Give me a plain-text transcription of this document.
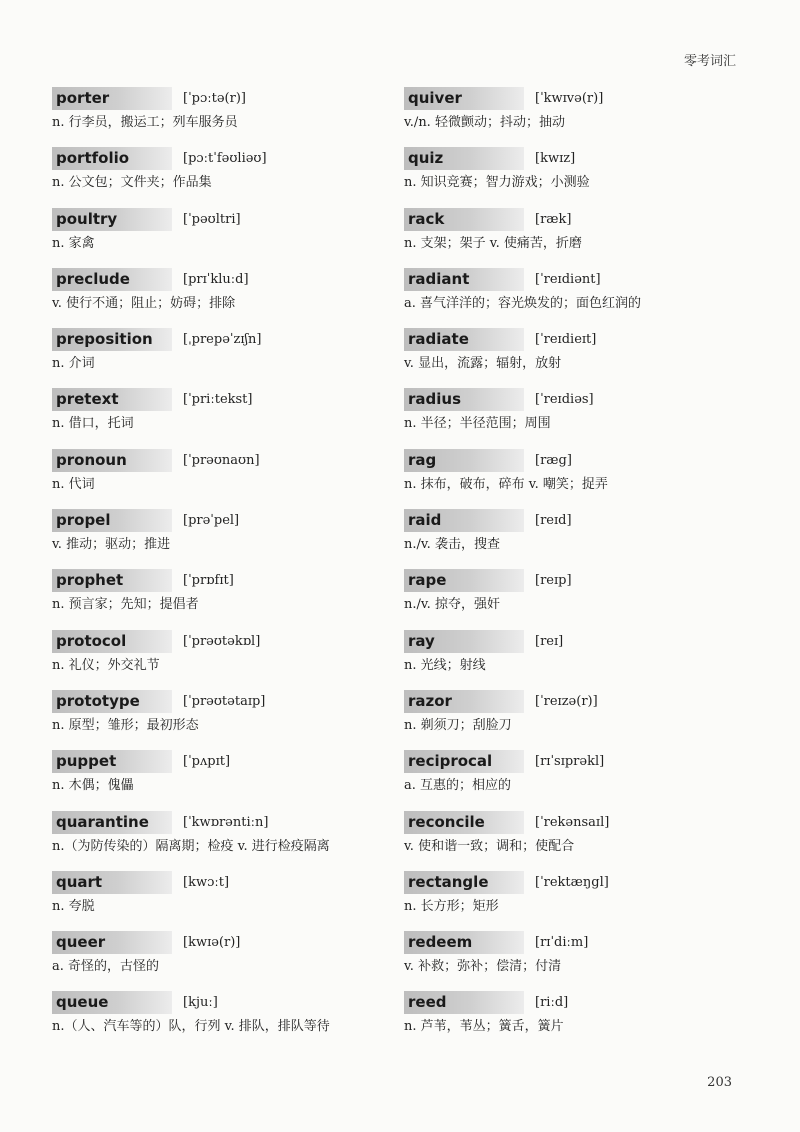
零考词汇
porter	[ˈpɔːtə(r)]
n. 行李员，搬运工；列车服务员
portfolio	[pɔːtˈfəʊliəʊ]
n. 公文包；文件夹；作品集
poultry	[ˈpəʊltri]
n. 家禽
preclude	[prɪˈkluːd]
v. 使行不通；阻止；妨碍；排除
preposition	[ˌprepəˈzɪʃn]
n. 介词
pretext	[ˈpriːtekst]
n. 借口，托词
pronoun	[ˈprəʊnaʊn]
n. 代词
propel	[prəˈpel]
v. 推动；驱动；推进
prophet	[ˈprɒfɪt]
n. 预言家；先知；提倡者
protocol	[ˈprəʊtəkɒl]
n. 礼仪；外交礼节
prototype	[ˈprəʊtətaɪp]
n. 原型；雏形；最初形态
puppet	[ˈpʌpɪt]
n. 木偶；傀儡
quarantine	[ˈkwɒrəntiːn]
n.（为防传染的）隔离期；检疫 v. 进行检疫隔离
quart	[kwɔːt]
n. 夸脱
queer	[kwɪə(r)]
a. 奇怪的，古怪的
queue	[kjuː]
n.（人、汽车等的）队，行列 v. 排队，排队等待
quiver	[ˈkwɪvə(r)]
v./n. 轻微颤动；抖动；抽动
quiz	[kwɪz]
n. 知识竞赛；智力游戏；小测验
rack	[ræk]
n. 支架；架子 v. 使痛苦，折磨
radiant	[ˈreɪdiənt]
a. 喜气洋洋的；容光焕发的；面色红润的
radiate	[ˈreɪdieɪt]
v. 显出，流露；辐射，放射
radius	[ˈreɪdiəs]
n. 半径；半径范围；周围
rag	[ræg]
n. 抹布，破布，碎布 v. 嘲笑；捉弄
raid	[reɪd]
n./v. 袭击，搜查
rape	[reɪp]
n./v. 掠夺，强奸
ray	[reɪ]
n. 光线；射线
razor	[ˈreɪzə(r)]
n. 剃须刀；刮脸刀
reciprocal	[rɪˈsɪprəkl]
a. 互惠的；相应的
reconcile	[ˈrekənsaɪl]
v. 使和谐一致；调和；使配合
rectangle	[ˈrektæŋgl]
n. 长方形；矩形
redeem	[rɪˈdiːm]
v. 补救；弥补；偿清；付清
reed	[riːd]
n. 芦苇，苇丛；簧舌，簧片
203
